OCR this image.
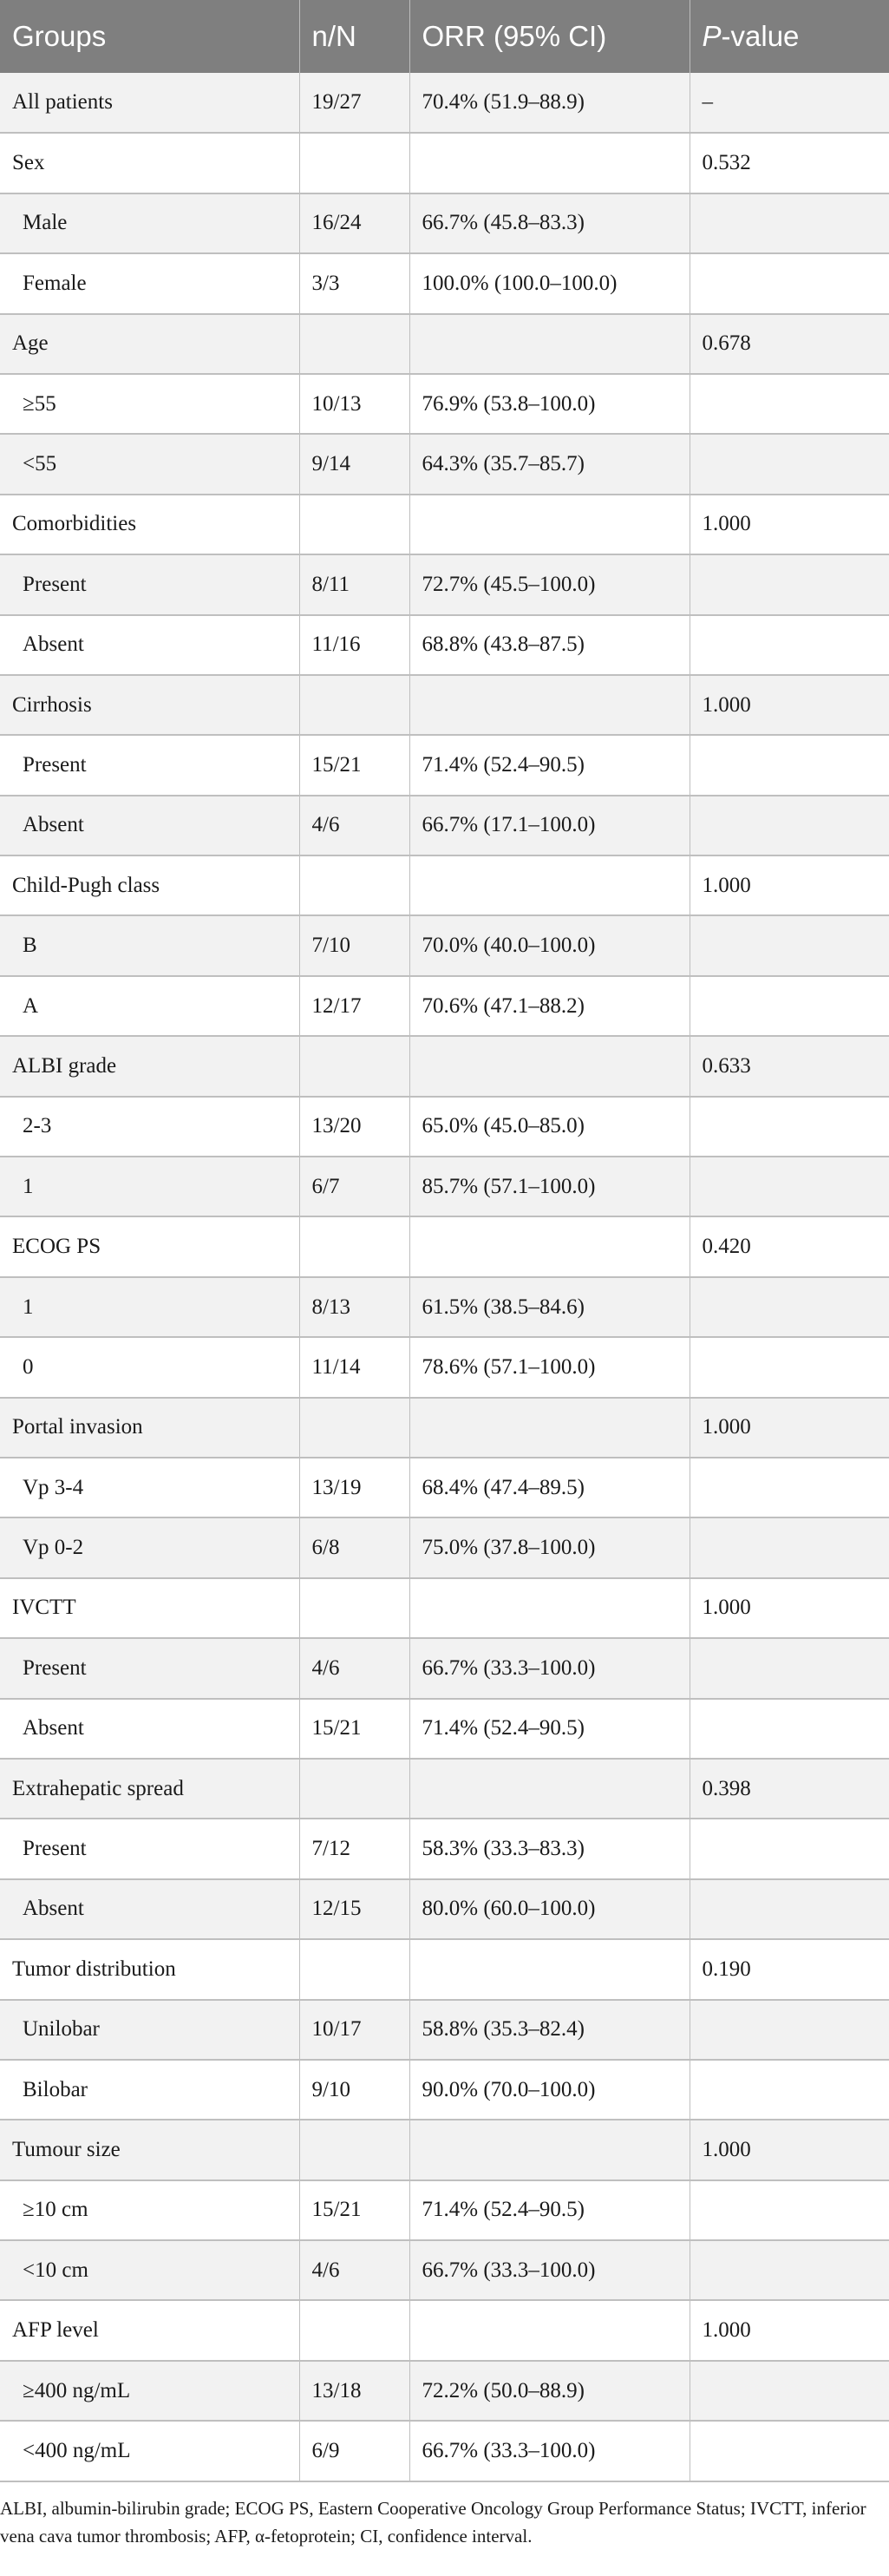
Groups	n/N	ORR (95% CI)	P-value
All patients	19/27	70.4% (51.9–88.9)	–
Sex			0.532
Male	16/24	66.7% (45.8–83.3)	
Female	3/3	100.0% (100.0–100.0)	
Age			0.678
≥55	10/13	76.9% (53.8–100.0)	
<55	9/14	64.3% (35.7–85.7)	
Comorbidities			1.000
Present	8/11	72.7% (45.5–100.0)	
Absent	11/16	68.8% (43.8–87.5)	
Cirrhosis			1.000
Present	15/21	71.4% (52.4–90.5)	
Absent	4/6	66.7% (17.1–100.0)	
Child-Pugh class			1.000
B	7/10	70.0% (40.0–100.0)	
A	12/17	70.6% (47.1–88.2)	
ALBI grade			0.633
2-3	13/20	65.0% (45.0–85.0)	
1	6/7	85.7% (57.1–100.0)	
ECOG PS			0.420
1	8/13	61.5% (38.5–84.6)	
0	11/14	78.6% (57.1–100.0)	
Portal invasion			1.000
Vp 3-4	13/19	68.4% (47.4–89.5)	
Vp 0-2	6/8	75.0% (37.8–100.0)	
IVCTT			1.000
Present	4/6	66.7% (33.3–100.0)	
Absent	15/21	71.4% (52.4–90.5)	
Extrahepatic spread			0.398
Present	7/12	58.3% (33.3–83.3)	
Absent	12/15	80.0% (60.0–100.0)	
Tumor distribution			0.190
Unilobar	10/17	58.8% (35.3–82.4)	
Bilobar	9/10	90.0% (70.0–100.0)	
Tumour size			1.000
≥10 cm	15/21	71.4% (52.4–90.5)	
<10 cm	4/6	66.7% (33.3–100.0)	
AFP level			1.000
≥400 ng/mL	13/18	72.2% (50.0–88.9)	
<400 ng/mL	6/9	66.7% (33.3–100.0)	
ALBI, albumin-bilirubin grade; ECOG PS, Eastern Cooperative Oncology Group Performance Status; IVCTT, inferior vena cava tumor thrombosis; AFP, α-fetoprotein; CI, confidence interval.
